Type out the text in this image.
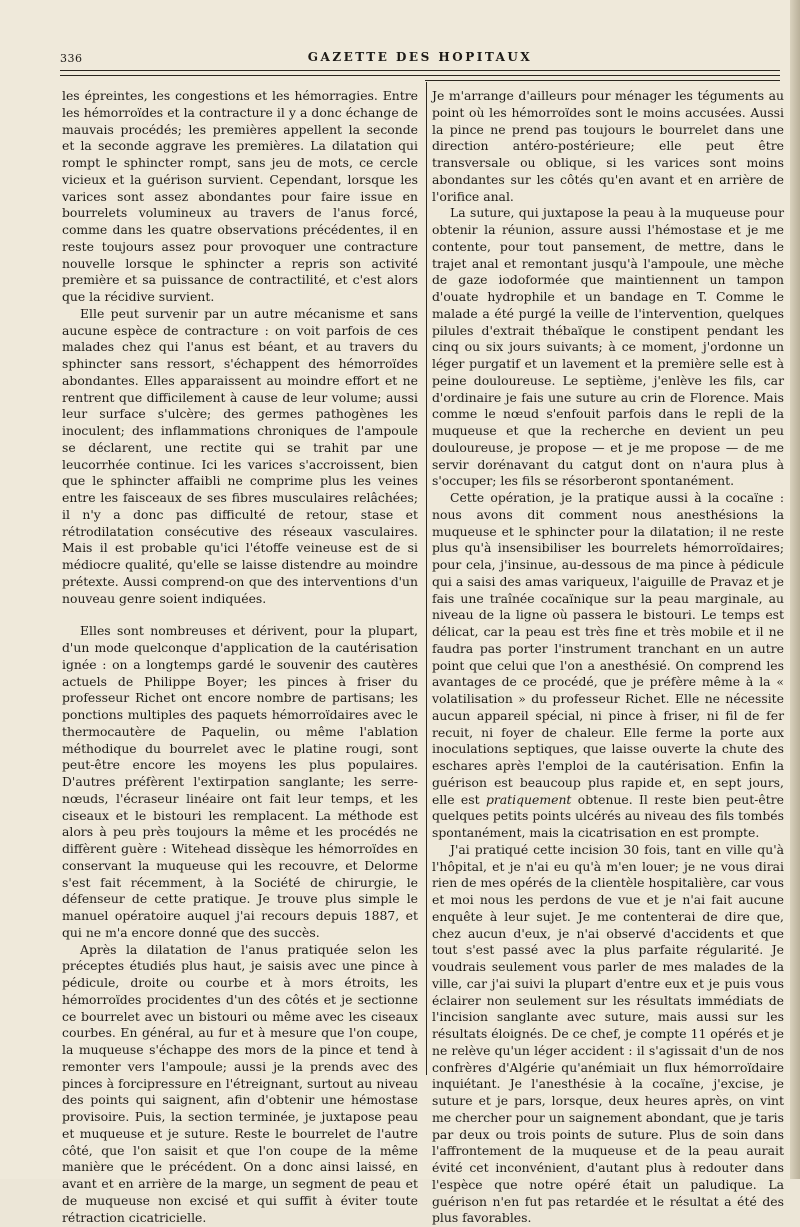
336	GAZETTE DES HOPITAUX

les épreintes, les congestions et les hémorragies. Entre les hémorroïdes et la contracture il y a donc échange de mauvais procédés; les premières appellent la seconde et la seconde aggrave les premières. La dilatation qui rompt le sphincter rompt, sans jeu de mots, ce cercle vicieux et la guérison survient. Cependant, lorsque les varices sont assez abondantes pour faire issue en bourrelets volumineux au travers de l'anus forcé, comme dans les quatre observations précédentes, il en reste toujours assez pour provoquer une contracture nouvelle lorsque le sphincter a repris son activité première et sa puissance de contractilité, et c'est alors que la récidive survient.

Elle peut survenir par un autre mécanisme et sans aucune espèce de contracture : on voit parfois de ces malades chez qui l'anus est béant, et au travers du sphincter sans ressort, s'échappent des hémorroïdes abondantes. Elles apparaissent au moindre effort et ne rentrent que difficilement à cause de leur volume; aussi leur surface s'ulcère; des germes pathogènes les inoculent; des inflammations chroniques de l'ampoule se déclarent, une rectite qui se trahit par une leucorrhée continue. Ici les varices s'accroissent, bien que le sphincter affaibli ne comprime plus les veines entre les faisceaux de ses fibres musculaires relâchées; il n'y a donc pas difficulté de retour, stase et rétrodilatation consécutive des réseaux vasculaires. Mais il est probable qu'ici l'étoffe veineuse est de si médiocre qualité, qu'elle se laisse distendre au moindre prétexte. Aussi comprend-on que des interventions d'un nouveau genre soient indiquées.

Elles sont nombreuses et dérivent, pour la plupart, d'un mode quelconque d'application de la cautérisation ignée : on a longtemps gardé le souvenir des cautères actuels de Philippe Boyer; les pinces à friser du professeur Richet ont encore nombre de partisans; les ponctions multiples des paquets hémorroïdaires avec le thermocautère de Paquelin, ou même l'ablation méthodique du bourrelet avec le platine rougi, sont peut-être encore les moyens les plus populaires. D'autres préfèrent l'extirpation sanglante; les serre-nœuds, l'écraseur linéaire ont fait leur temps, et les ciseaux et le bistouri les remplacent. La méthode est alors à peu près toujours la même et les procédés ne diffèrent guère : Witehead dissèque les hémorroïdes en conservant la muqueuse qui les recouvre, et Delorme s'est fait récemment, à la Société de chirurgie, le défenseur de cette pratique. Je trouve plus simple le manuel opératoire auquel j'ai recours depuis 1887, et qui ne m'a encore donné que des succès.

Après la dilatation de l'anus pratiquée selon les préceptes étudiés plus haut, je saisis avec une pince à pédicule, droite ou courbe et à mors étroits, les hémorroïdes procidentes d'un des côtés et je sectionne ce bourrelet avec un bistouri ou même avec les ciseaux courbes. En général, au fur et à mesure que l'on coupe, la muqueuse s'échappe des mors de la pince et tend à remonter vers l'ampoule; aussi je la prends avec des pinces à forcipressure en l'étreignant, surtout au niveau des points qui saignent, afin d'obtenir une hémostase provisoire. Puis, la section terminée, je juxtapose peau et muqueuse et je suture. Reste le bourrelet de l'autre côté, que l'on saisit et que l'on coupe de la même manière que le précédent. On a donc ainsi laissé, en avant et en arrière de la marge, un segment de peau et de muqueuse non excisé et qui suffit à éviter toute rétraction cicatricielle.

Je m'arrange d'ailleurs pour ménager les téguments au point où les hémorroïdes sont le moins accusées. Aussi la pince ne prend pas toujours le bourrelet dans une direction antéro-postérieure; elle peut être transversale ou oblique, si les varices sont moins abondantes sur les côtés qu'en avant et en arrière de l'orifice anal.

La suture, qui juxtapose la peau à la muqueuse pour obtenir la réunion, assure aussi l'hémostase et je me contente, pour tout pansement, de mettre, dans le trajet anal et remontant jusqu'à l'ampoule, une mèche de gaze iodoformée que maintiennent un tampon d'ouate hydrophile et un bandage en T. Comme le malade a été purgé la veille de l'intervention, quelques pilules d'extrait thébaïque le constipent pendant les cinq ou six jours suivants; à ce moment, j'ordonne un léger purgatif et un lavement et la première selle est à peine douloureuse. Le septième, j'enlève les fils, car d'ordinaire je fais une suture au crin de Florence. Mais comme le nœud s'enfouit parfois dans le repli de la muqueuse et que la recherche en devient un peu douloureuse, je propose — et je me propose — de me servir dorénavant du catgut dont on n'aura plus à s'occuper; les fils se résorberont spontanément.

Cette opération, je la pratique aussi à la cocaïne : nous avons dit comment nous anesthésions la muqueuse et le sphincter pour la dilatation; il ne reste plus qu'à insensibiliser les bourrelets hémorroïdaires; pour cela, j'insinue, au-dessous de ma pince à pédicule qui a saisi des amas variqueux, l'aiguille de Pravaz et je fais une traînée cocaïnique sur la peau marginale, au niveau de la ligne où passera le bistouri. Le temps est délicat, car la peau est très fine et très mobile et il ne faudra pas porter l'instrument tranchant en un autre point que celui que l'on a anesthésié. On comprend les avantages de ce procédé, que je préfère même à la « volatilisation » du professeur Richet. Elle ne nécessite aucun appareil spécial, ni pince à friser, ni fil de fer recuit, ni foyer de chaleur. Elle ferme la porte aux inoculations septiques, que laisse ouverte la chute des eschares après l'emploi de la cautérisation. Enfin la guérison est beaucoup plus rapide et, en sept jours, elle est pratiquement obtenue. Il reste bien peut-être quelques petits points ulcérés au niveau des fils tombés spontanément, mais la cicatrisation en est prompte.

J'ai pratiqué cette incision 30 fois, tant en ville qu'à l'hôpital, et je n'ai eu qu'à m'en louer; je ne vous dirai rien de mes opérés de la clientèle hospitalière, car vous et moi nous les perdons de vue et je n'ai fait aucune enquête à leur sujet. Je me contenterai de dire que, chez aucun d'eux, je n'ai observé d'accidents et que tout s'est passé avec la plus parfaite régularité. Je voudrais seulement vous parler de mes malades de la ville, car j'ai suivi la plupart d'entre eux et je puis vous éclairer non seulement sur les résultats immédiats de l'incision sanglante avec suture, mais aussi sur les résultats éloignés. De ce chef, je compte 11 opérés et je ne relève qu'un léger accident : il s'agissait d'un de nos confrères d'Algérie qu'anémiait un flux hémorroïdaire inquiétant. Je l'anesthésie à la cocaïne, j'excise, je suture et je pars, lorsque, deux heures après, on vint me chercher pour un saignement abondant, que je taris par deux ou trois points de suture. Plus de soin dans l'affrontement de la muqueuse et de la peau aurait évité cet inconvénient, d'autant plus à redouter dans l'espèce que notre opéré était un paludique. La guérison n'en fut pas retardée et le résultat a été des plus favorables.
